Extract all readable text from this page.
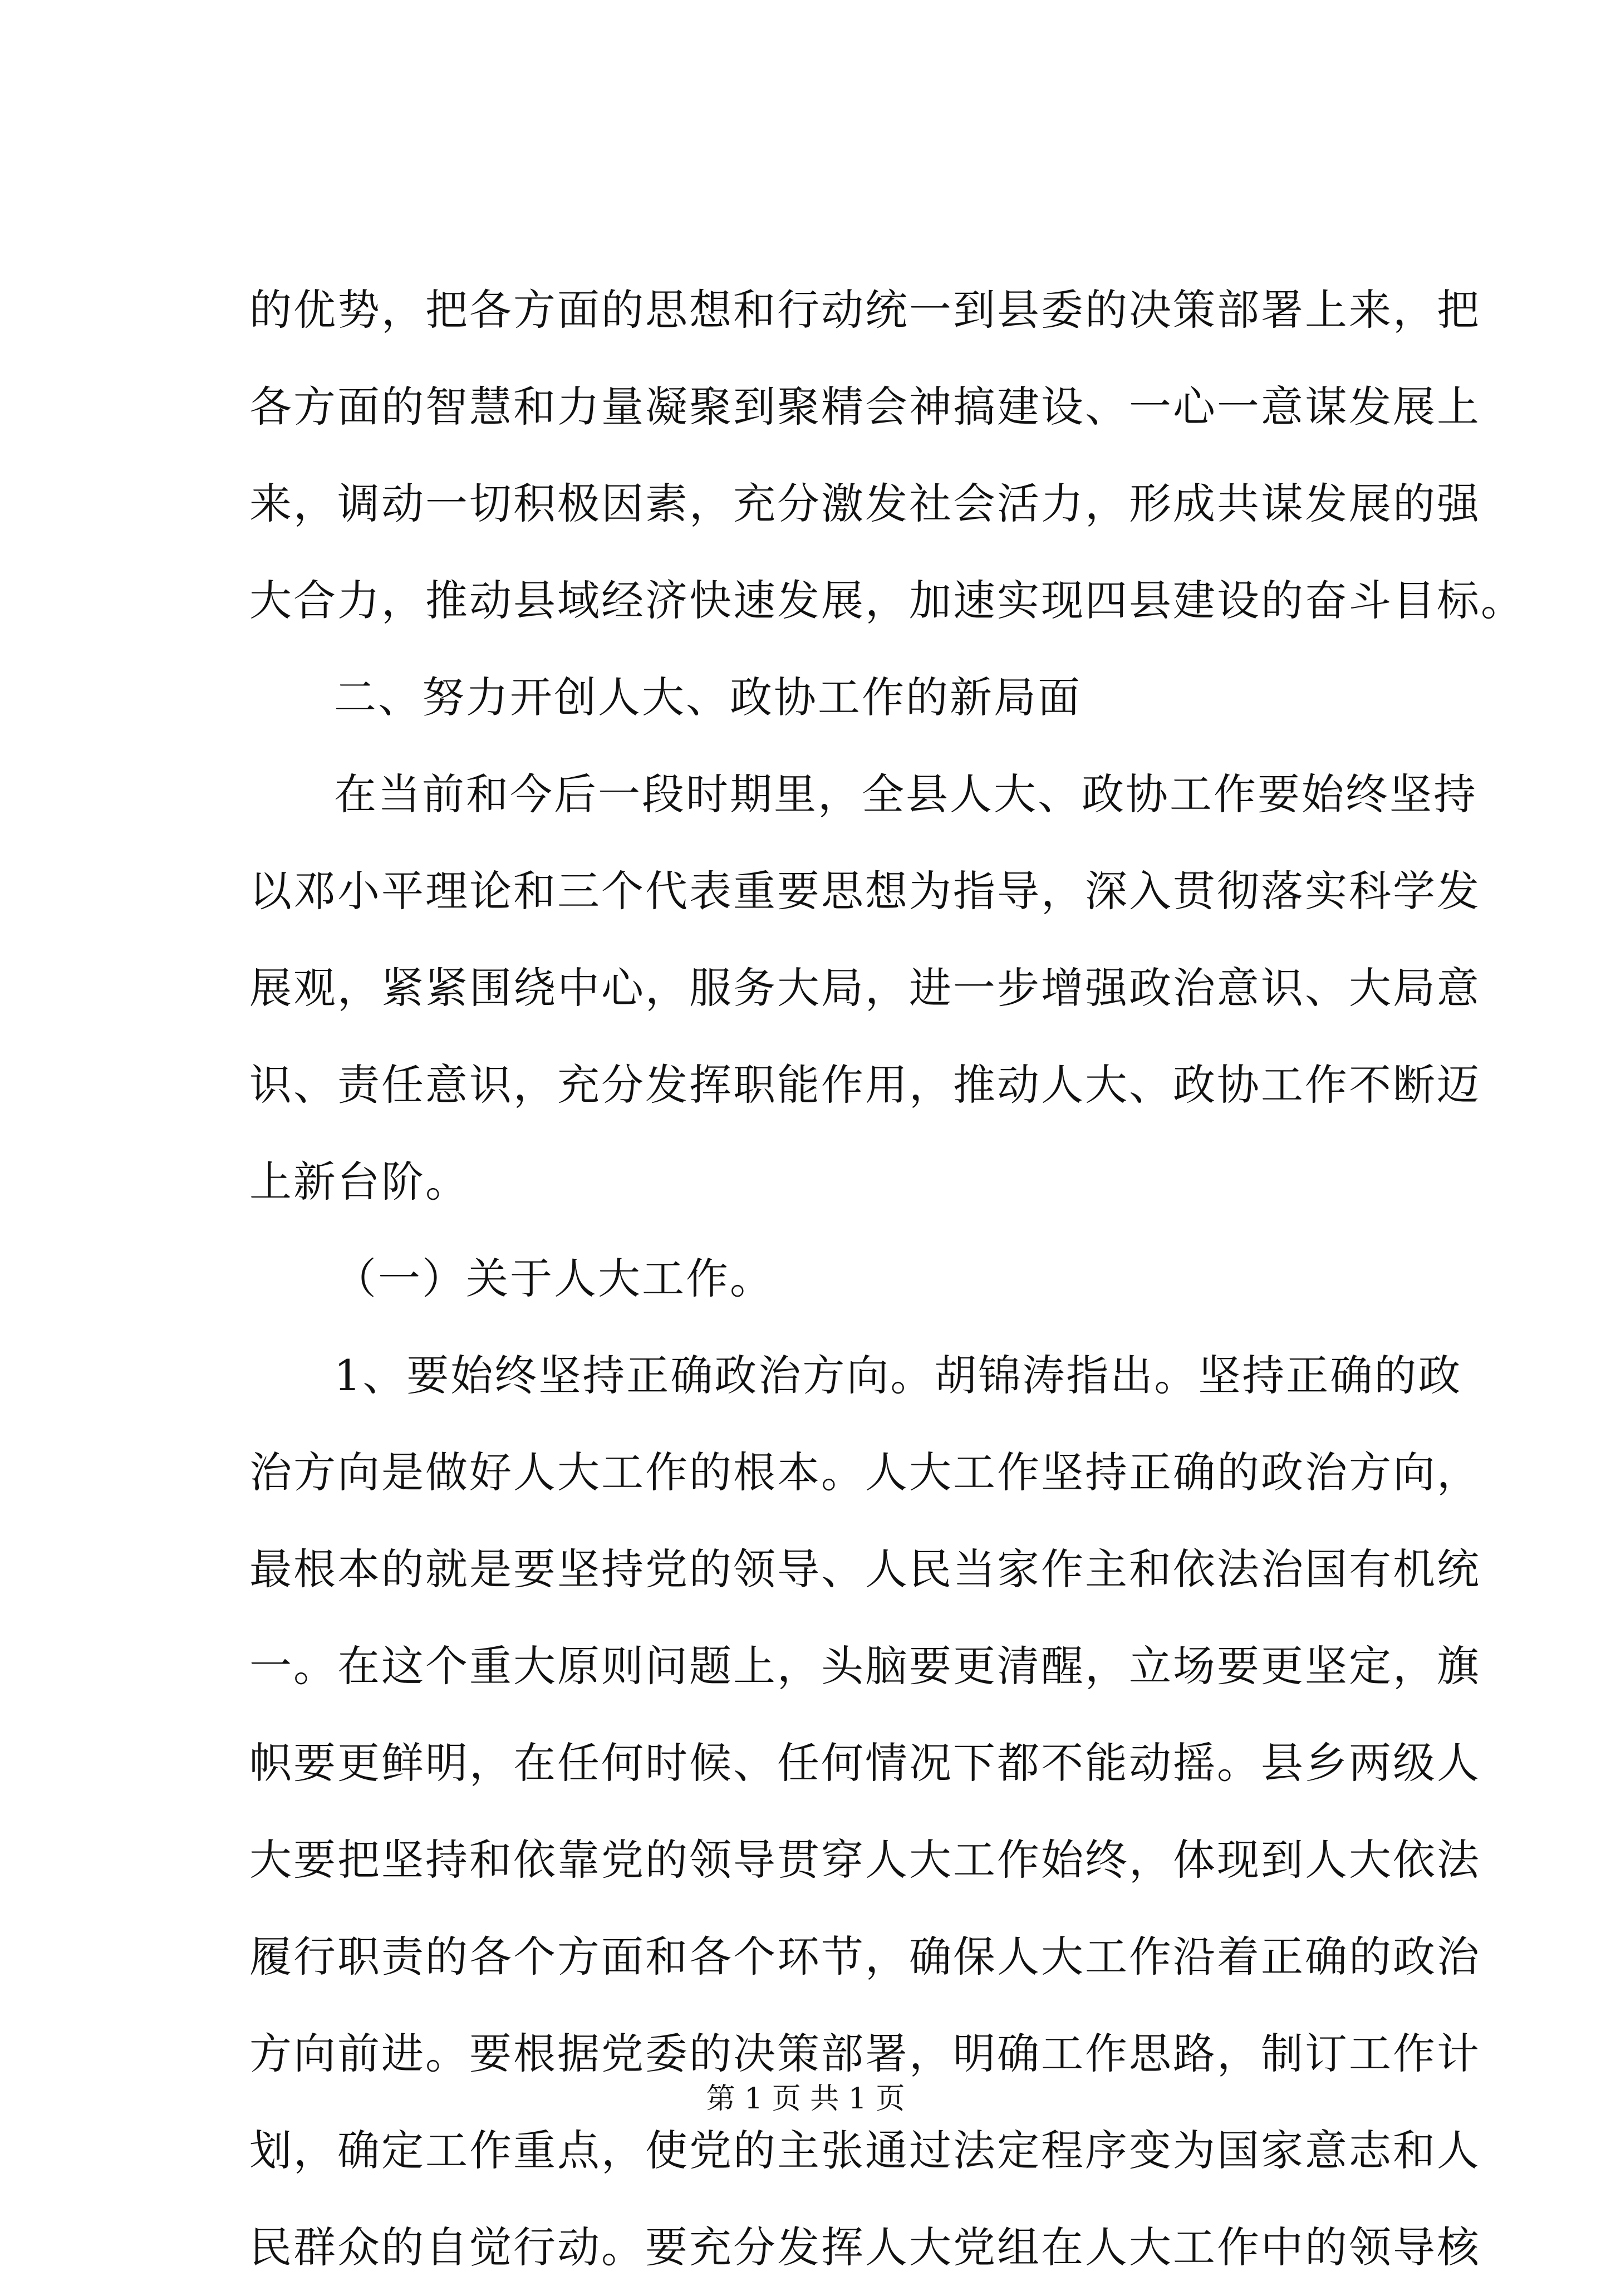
的优势，把各方面的思想和行动统一到县委的决策部署上来，把
各方面的智慧和力量凝聚到聚精会神搞建设、一心一意谋发展上
来，调动一切积极因素，充分激发社会活力，形成共谋发展的强
大合力，推动县域经济快速发展，加速实现四县建设的奋斗目标。
二、努力开创人大、政协工作的新局面
在当前和今后一段时期里，全县人大、政协工作要始终坚持
以邓小平理论和三个代表重要思想为指导，深入贯彻落实科学发
展观，紧紧围绕中心，服务大局，进一步增强政治意识、大局意
识、责任意识，充分发挥职能作用，推动人大、政协工作不断迈
上新台阶。
（一）关于人大工作。
1、要始终坚持正确政治方向。胡锦涛指出。坚持正确的政
治方向是做好人大工作的根本。人大工作坚持正确的政治方向，
最根本的就是要坚持党的领导、人民当家作主和依法治国有机统
一。在这个重大原则问题上，头脑要更清醒，立场要更坚定，旗
帜要更鲜明，在任何时候、任何情况下都不能动摇。县乡两级人
大要把坚持和依靠党的领导贯穿人大工作始终，体现到人大依法
履行职责的各个方面和各个环节，确保人大工作沿着正确的政治
方向前进。要根据党委的决策部署，明确工作思路，制订工作计
划，确定工作重点，使党的主张通过法定程序变为国家意志和人
民群众的自觉行动。要充分发挥人大党组在人大工作中的领导核
第 1 页 共 1 页
